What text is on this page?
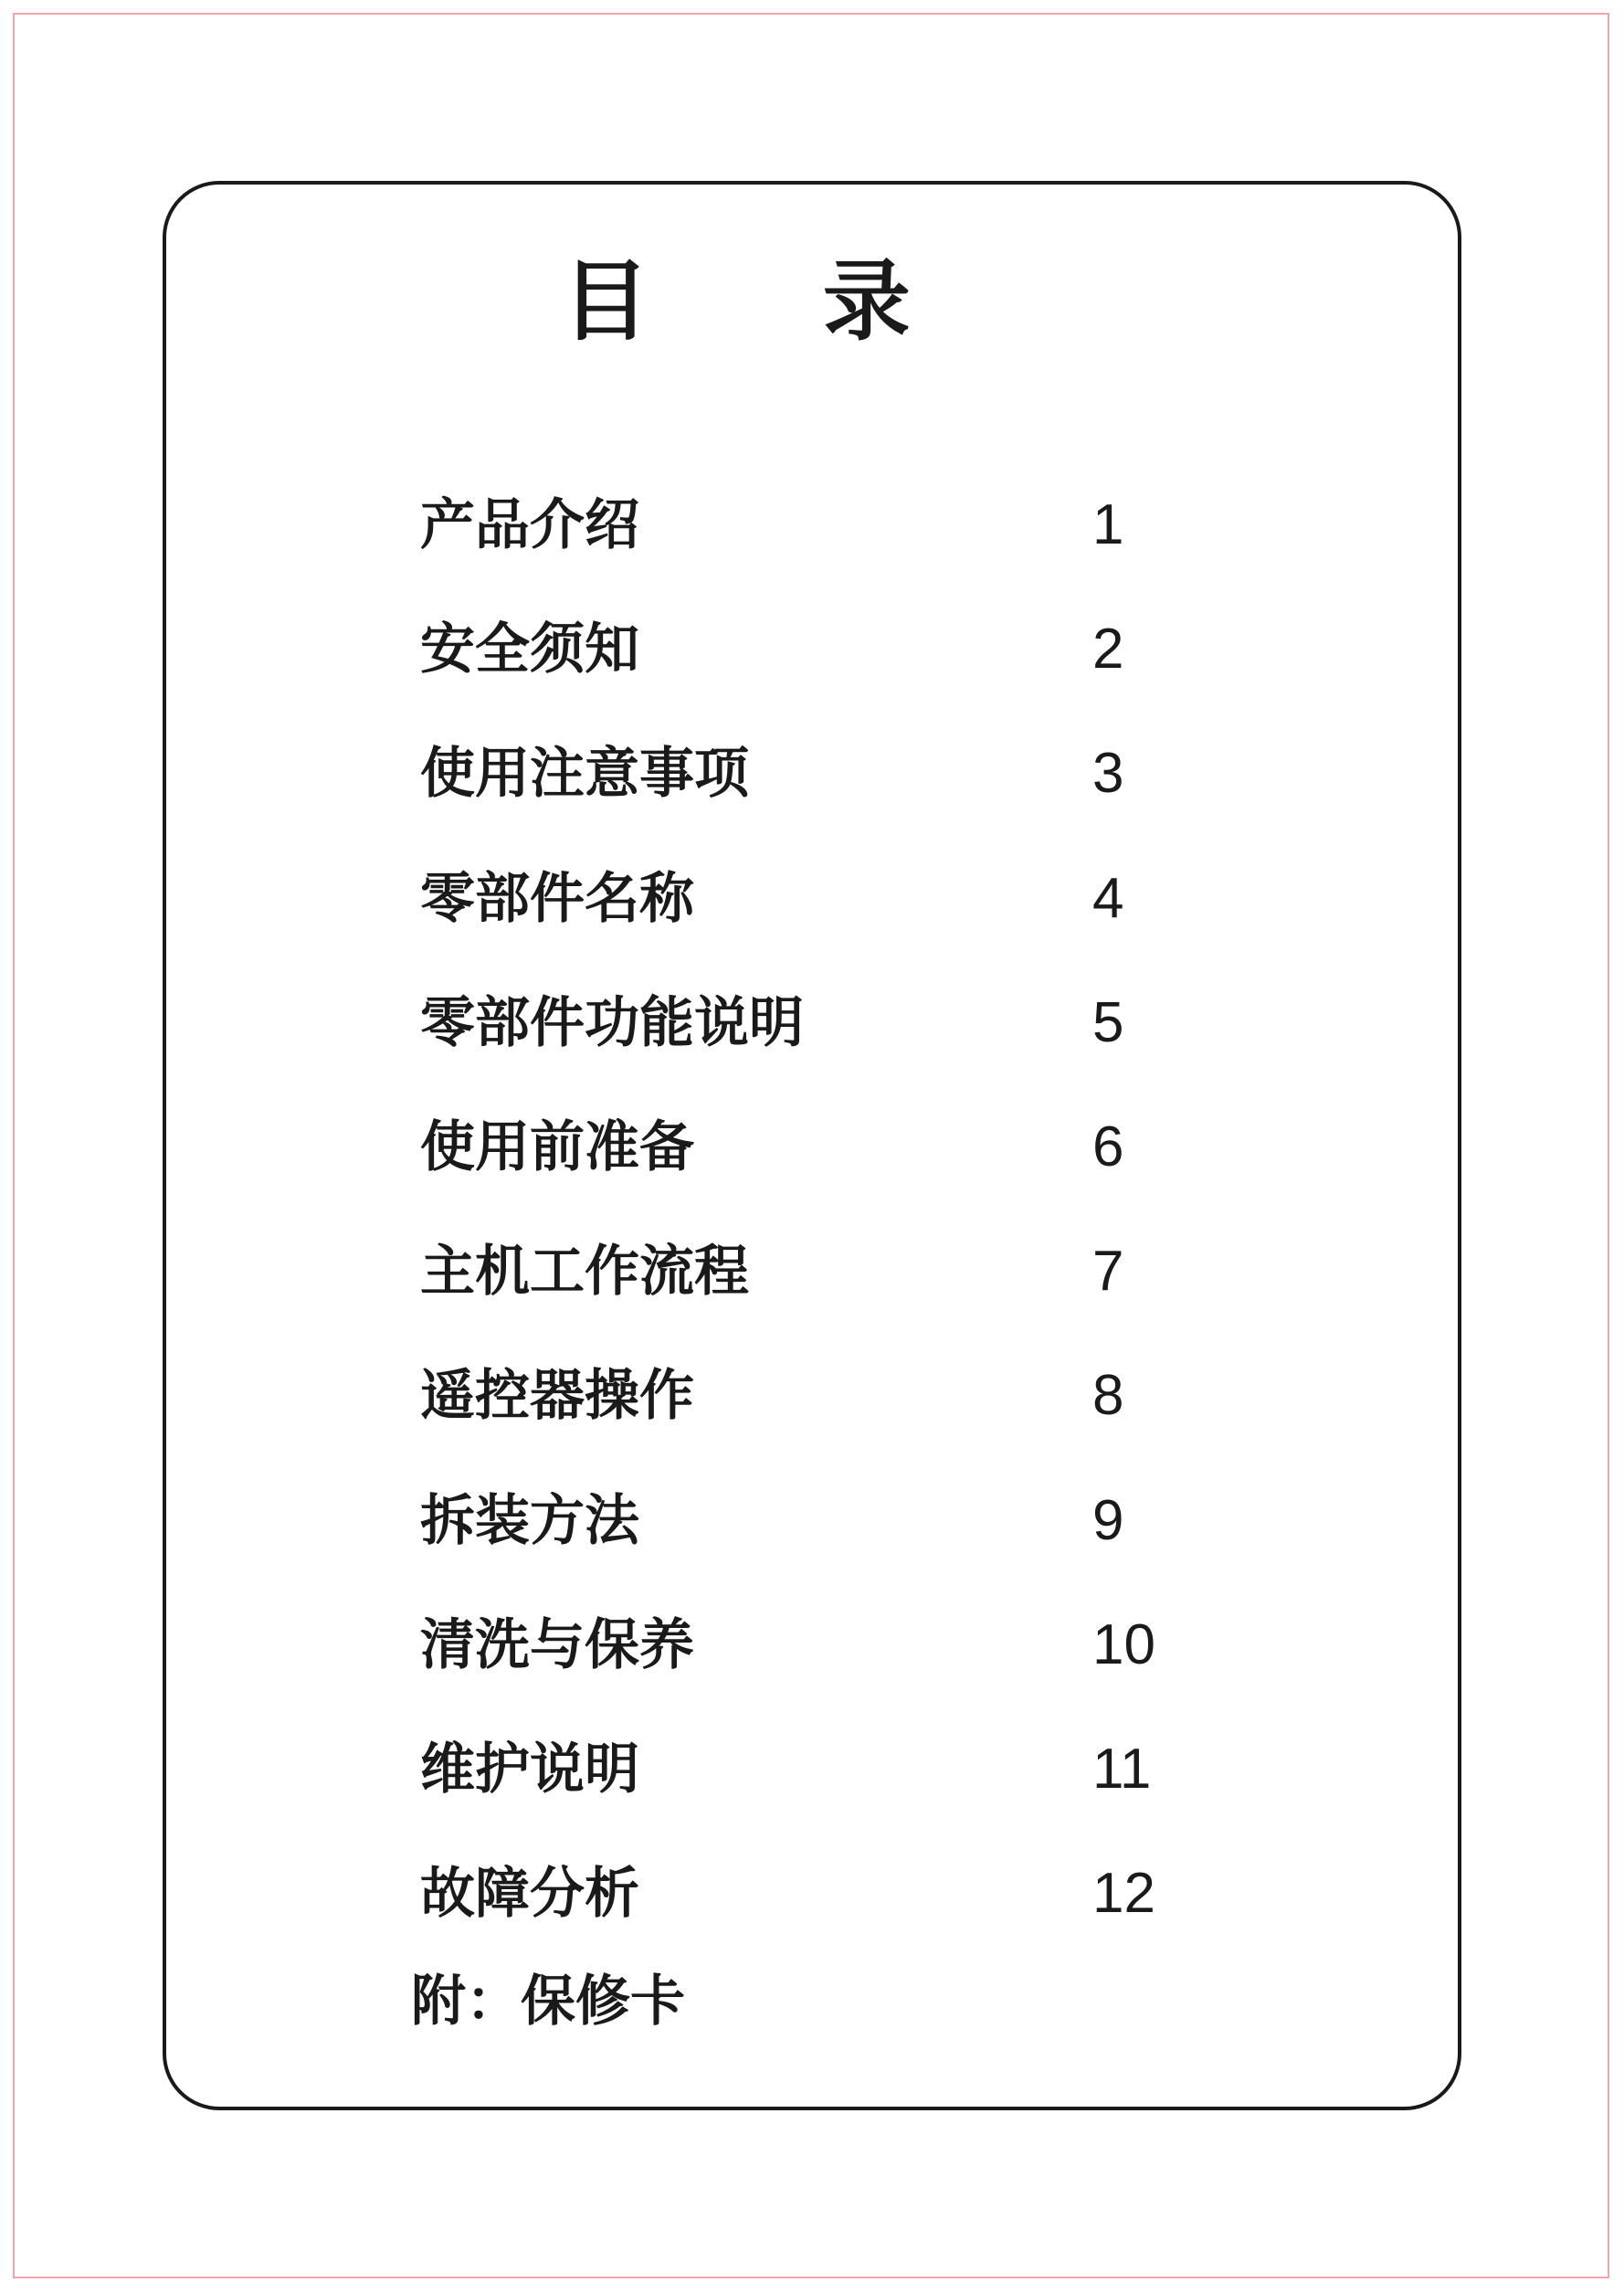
目 录
产品介绍	1
安全须知	2
使用注意事项	3
零部件名称	4
零部件功能说明	5
使用前准备	6
主机工作流程	7
遥控器操作	8
拆装方法	9
清洗与保养	10
维护说明	11
故障分析	12
附：保修卡
